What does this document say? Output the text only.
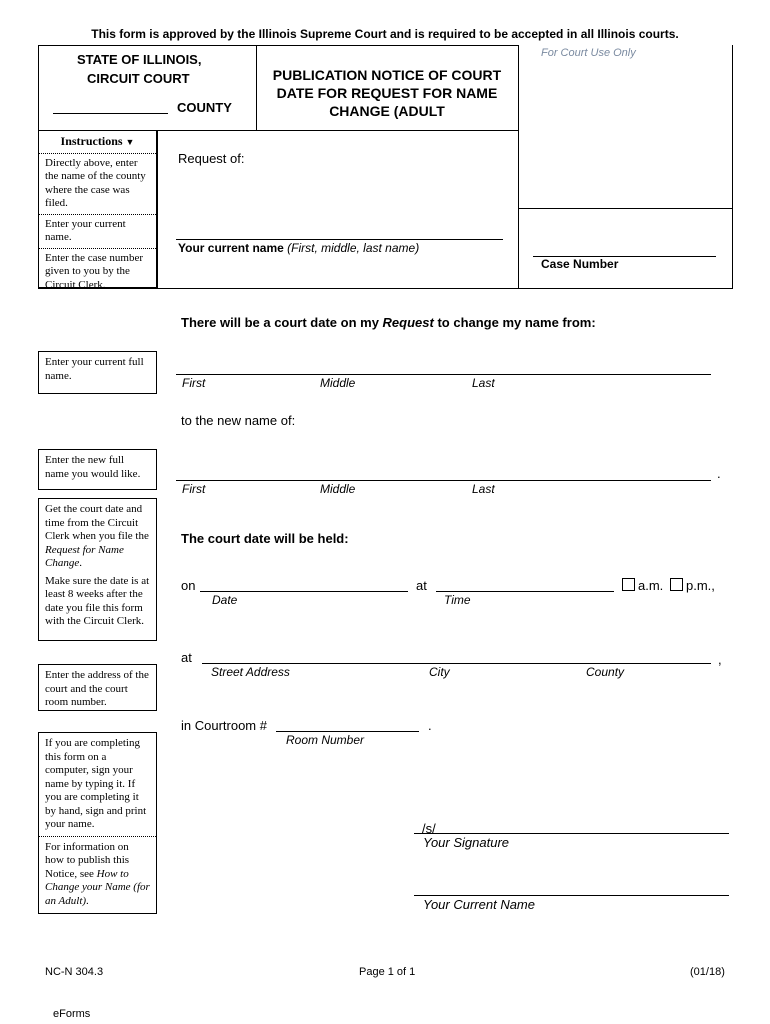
This form is approved by the Illinois Supreme Court and is required to be accepted in all Illinois courts.
STATE OF ILLINOIS,
CIRCUIT COURT
COUNTY
PUBLICATION NOTICE OF COURT
DATE FOR REQUEST FOR NAME
CHANGE (ADULT
For Court Use Only
Instructions ▼
Directly above, enter the name of the county where the case was filed.
Enter your current name.
Enter the case number given to you by the Circuit Clerk.
Request of:
Your current name (First, middle, last name)
Case Number
There will be a court date on my Request to change my name from:
Enter your current full name.
First	Middle	Last
to the new name of:
Enter the new full name you would like.	.
First	Middle	Last
Get the court date and time from the Circuit Clerk when you file the Request for Name Change.
Make sure the date is at least 8 weeks after the date you file this form with the Circuit Clerk.
The court date will be held:
on
Date
at
Time
a.m. p.m.,
at	,
Street Address	City	County
Enter the address of the court and the court room number.
in Courtroom #	.
Room Number
If you are completing this form on a computer, sign your name by typing it. If you are completing it by hand, sign and print your name.
For information on how to publish this Notice, see How to Change your Name (for an Adult).
/s/
Your Signature
Your Current Name
NC-N 304.3	Page 1 of 1	(01/18)
eForms
